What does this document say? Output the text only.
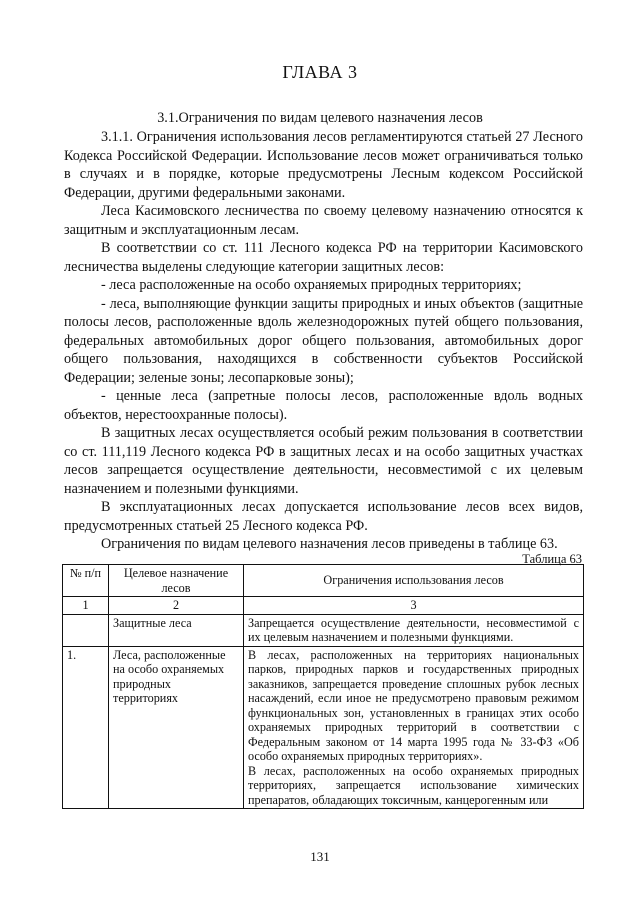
ГЛАВА 3
3.1.Ограничения по видам целевого назначения лесов

3.1.1. Ограничения использования лесов регламентируются статьей 27 Лесного Кодекса Российской Федерации. Использование лесов может ограничиваться только в случаях и в порядке, которые предусмотрены Лесным кодексом Российской Федерации, другими федеральными законами.

Леса Касимовского лесничества по своему целевому назначению относятся к защитным и эксплуатационным лесам.

В соответствии со ст. 111 Лесного кодекса РФ на территории Касимовского лесничества выделены следующие категории защитных лесов:

- леса расположенные на особо охраняемых природных территориях;

- леса, выполняющие функции защиты природных и иных объектов (защитные полосы лесов, расположенные вдоль железнодорожных путей общего пользования, федеральных автомобильных дорог общего пользования, автомобильных дорог общего пользования, находящихся в собственности субъектов Российской Федерации; зеленые зоны; лесопарковые зоны);

- ценные леса (запретные полосы лесов, расположенные вдоль водных объектов, нерестоохранные полосы).

В защитных лесах осуществляется особый режим пользования в соответствии со ст. 111,119 Лесного кодекса РФ в защитных лесах и на особо защитных участках лесов запрещается осуществление деятельности, несовместимой с их целевым назначением и полезными функциями.

В эксплуатационных лесах допускается использование лесов всех видов, предусмотренных статьей 25 Лесного кодекса РФ.

Ограничения по видам целевого назначения лесов приведены в таблице 63.

Таблица 63
№ п/п	Целевое назначение лесов	Ограничения использования лесов
1	2	3
	Защитные леса	Запрещается осуществление деятельности, несовместимой с их целевым назначением и полезными функциями.
1.	Леса, расположенные на особо охраняемых природных территориях	В лесах, расположенных на территориях национальных парков, природных парков и государственных природных заказников, запрещается проведение сплошных рубок лесных насаждений, если иное не предусмотрено правовым режимом функциональных зон, установленных в границах этих особо охраняемых природных территорий в соответствии с Федеральным законом от 14 марта 1995 года № 33-ФЗ «Об особо охраняемых природных территориях».
В лесах, расположенных на особо охраняемых природных территориях, запрещается использование химических препаратов, обладающих токсичным, канцерогенным или
131
